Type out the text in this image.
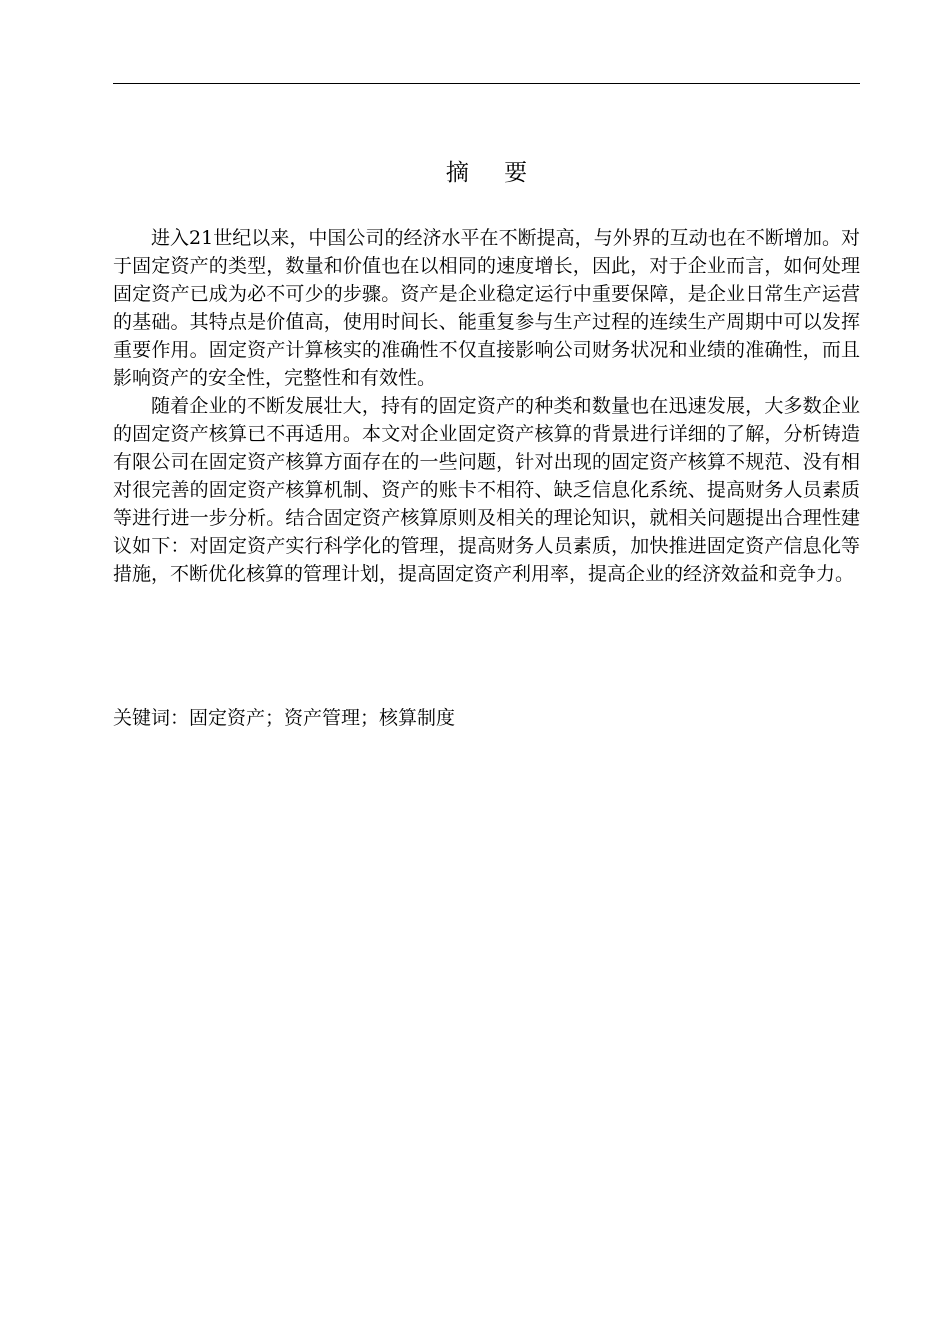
摘 要

进入21世纪以来，中国公司的经济水平在不断提高，与外界的互动也在不断增加。对于固定资产的类型，数量和价值也在以相同的速度增长，因此，对于企业而言，如何处理固定资产已成为必不可少的步骤。资产是企业稳定运行中重要保障，是企业日常生产运营的基础。其特点是价值高，使用时间长、能重复参与生产过程的连续生产周期中可以发挥重要作用。固定资产计算核实的准确性不仅直接影响公司财务状况和业绩的准确性，而且影响资产的安全性，完整性和有效性。

随着企业的不断发展壮大，持有的固定资产的种类和数量也在迅速发展，大多数企业的固定资产核算已不再适用。本文对企业固定资产核算的背景进行详细的了解，分析铸造有限公司在固定资产核算方面存在的一些问题，针对出现的固定资产核算不规范、没有相对很完善的固定资产核算机制、资产的账卡不相符、缺乏信息化系统、提高财务人员素质等进行进一步分析。结合固定资产核算原则及相关的理论知识，就相关问题提出合理性建议如下：对固定资产实行科学化的管理，提高财务人员素质，加快推进固定资产信息化等措施，不断优化核算的管理计划，提高固定资产利用率，提高企业的经济效益和竞争力。

关键词：固定资产；资产管理；核算制度
